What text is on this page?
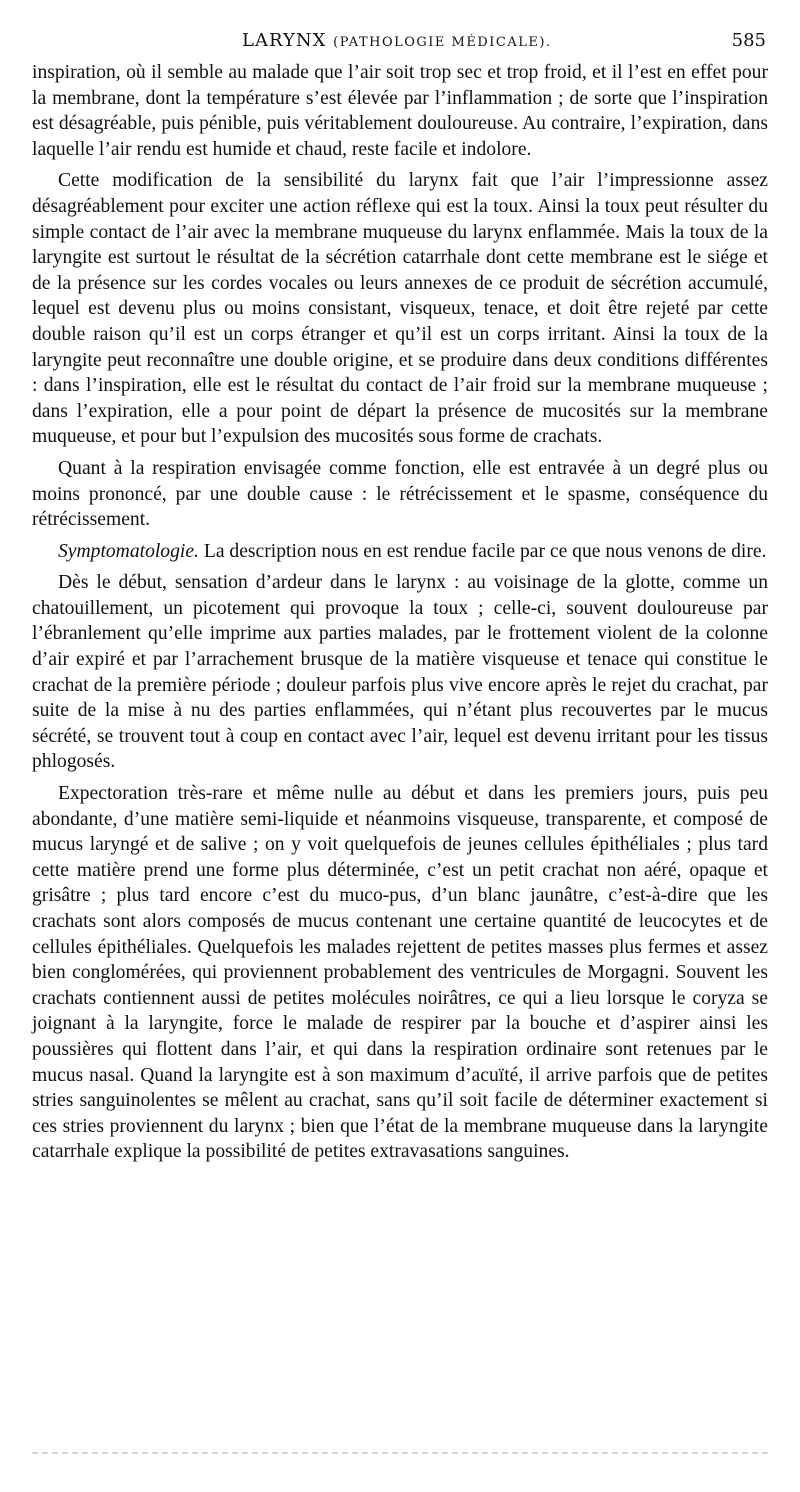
LARYNX (PATHOLOGIE MÉDICALE).	585

inspiration, où il semble au malade que l’air soit trop sec et trop froid, et il l’est en effet pour la membrane, dont la température s’est élevée par l’inflammation ; de sorte que l’inspiration est désagréable, puis pénible, puis véritablement douloureuse. Au contraire, l’expiration, dans laquelle l’air rendu est humide et chaud, reste facile et indolore.

Cette modification de la sensibilité du larynx fait que l’air l’impressionne assez désagréablement pour exciter une action réflexe qui est la toux. Ainsi la toux peut résulter du simple contact de l’air avec la membrane muqueuse du larynx enflammée. Mais la toux de la laryngite est surtout le résultat de la sécrétion catarrhale dont cette membrane est le siége et de la présence sur les cordes vocales ou leurs annexes de ce produit de sécrétion accumulé, lequel est devenu plus ou moins consistant, visqueux, tenace, et doit être rejeté par cette double raison qu’il est un corps étranger et qu’il est un corps irritant. Ainsi la toux de la laryngite peut reconnaître une double origine, et se produire dans deux conditions différentes : dans l’inspiration, elle est le résultat du contact de l’air froid sur la membrane muqueuse ; dans l’expiration, elle a pour point de départ la présence de mucosités sur la membrane muqueuse, et pour but l’expulsion des mucosités sous forme de crachats.

Quant à la respiration envisagée comme fonction, elle est entravée à un degré plus ou moins prononcé, par une double cause : le rétrécissement et le spasme, conséquence du rétrécissement.

Symptomatologie. La description nous en est rendue facile par ce que nous venons de dire.

Dès le début, sensation d’ardeur dans le larynx : au voisinage de la glotte, comme un chatouillement, un picotement qui provoque la toux ; celle-ci, souvent douloureuse par l’ébranlement qu’elle imprime aux parties malades, par le frottement violent de la colonne d’air expiré et par l’arrachement brusque de la matière visqueuse et tenace qui constitue le crachat de la première période ; douleur parfois plus vive encore après le rejet du crachat, par suite de la mise à nu des parties enflammées, qui n’étant plus recouvertes par le mucus sécrété, se trouvent tout à coup en contact avec l’air, lequel est devenu irritant pour les tissus phlogosés.

Expectoration très-rare et même nulle au début et dans les premiers jours, puis peu abondante, d’une matière semi-liquide et néanmoins visqueuse, transparente, et composé de mucus laryngé et de salive ; on y voit quelquefois de jeunes cellules épithéliales ; plus tard cette matière prend une forme plus déterminée, c’est un petit crachat non aéré, opaque et grisâtre ; plus tard encore c’est du muco-pus, d’un blanc jaunâtre, c’est-à-dire que les crachats sont alors composés de mucus contenant une certaine quantité de leucocytes et de cellules épithéliales. Quelquefois les malades rejettent de petites masses plus fermes et assez bien conglomérées, qui proviennent probablement des ventricules de Morgagni. Souvent les crachats contiennent aussi de petites molécules noirâtres, ce qui a lieu lorsque le coryza se joignant à la laryngite, force le malade de respirer par la bouche et d’aspirer ainsi les poussières qui flottent dans l’air, et qui dans la respiration ordinaire sont retenues par le mucus nasal. Quand la laryngite est à son maximum d’acuïté, il arrive parfois que de petites stries sanguinolentes se mêlent au crachat, sans qu’il soit facile de déterminer exactement si ces stries proviennent du larynx ; bien que l’état de la membrane muqueuse dans la laryngite catarrhale explique la possibilité de petites extravasations sanguines.
